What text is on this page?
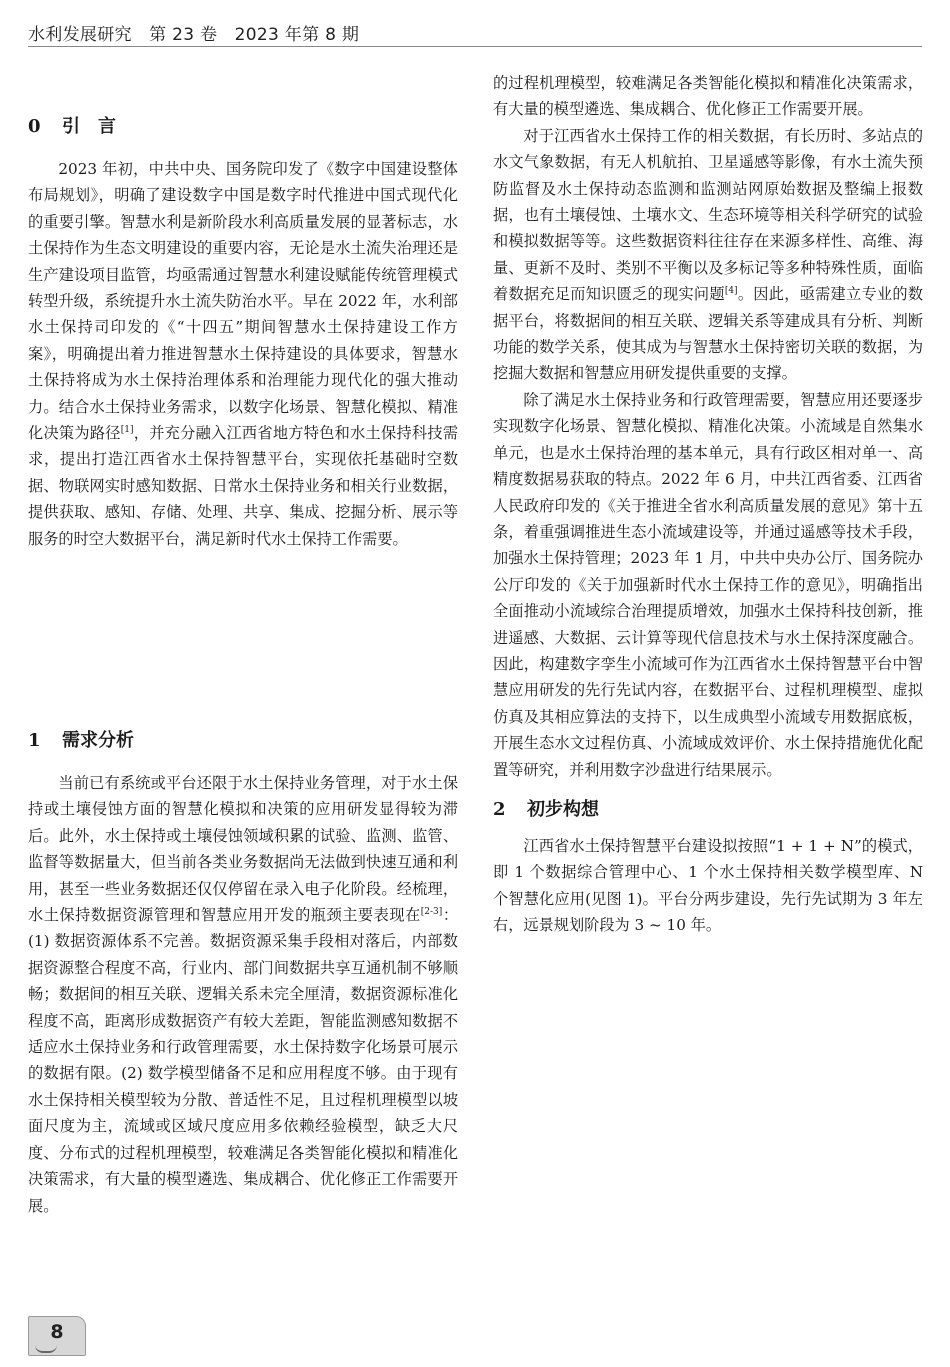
水利发展研究　第 23 卷　2023 年第 8 期
0 引　言

2023 年初，中共中央、国务院印发了《数字中国建设整体布局规划》，明确了建设数字中国是数字时代推进中国式现代化的重要引擎。智慧水利是新阶段水利高质量发展的显著标志，水土保持作为生态文明建设的重要内容，无论是水土流失治理还是生产建设项目监管，均亟需通过智慧水利建设赋能传统管理模式转型升级，系统提升水土流失防治水平。早在 2022 年，水利部水土保持司印发的《“十四五”期间智慧水土保持建设工作方案》，明确提出着力推进智慧水土保持建设的具体要求，智慧水土保持将成为水土保持治理体系和治理能力现代化的强大推动力。结合水土保持业务需求，以数字化场景、智慧化模拟、精准化决策为路径[1]，并充分融入江西省地方特色和水土保持科技需求，提出打造江西省水土保持智慧平台，实现依托基础时空数据、物联网实时感知数据、日常水土保持业务和相关行业数据，提供获取、感知、存储、处理、共享、集成、挖掘分析、展示等服务的时空大数据平台，满足新时代水土保持工作需要。

1 需求分析

当前已有系统或平台还限于水土保持业务管理，对于水土保持或土壤侵蚀方面的智慧化模拟和决策的应用研发显得较为滞后。此外，水土保持或土壤侵蚀领域积累的试验、监测、监管、监督等数据量大，但当前各类业务数据尚无法做到快速互通和利用，甚至一些业务数据还仅仅停留在录入电子化阶段。经梳理，水土保持数据资源管理和智慧应用开发的瓶颈主要表现在[2-3]：(1) 数据资源体系不完善。数据资源采集手段相对落后，内部数据资源整合程度不高，行业内、部门间数据共享互通机制不够顺畅；数据间的相互关联、逻辑关系未完全厘清，数据资源标准化程度不高，距离形成数据资产有较大差距，智能监测感知数据不适应水土保持业务和行政管理需要，水土保持数字化场景可展示的数据有限。(2) 数学模型储备不足和应用程度不够。由于现有水土保持相关模型较为分散、普适性不足，且过程机理模型以坡面尺度为主，流域或区域尺度应用多依赖经验模型，缺乏大尺度、分布式的过程机理模型，较难满足各类智能化模拟和精准化决策需求，有大量的模型遴选、集成耦合、优化修正工作需要开展。

的过程机理模型，较难满足各类智能化模拟和精准化决策需求，有大量的模型遴选、集成耦合、优化修正工作需要开展。

对于江西省水土保持工作的相关数据，有长历时、多站点的水文气象数据，有无人机航拍、卫星遥感等影像，有水土流失预防监督及水土保持动态监测和监测站网原始数据及整编上报数据，也有土壤侵蚀、土壤水文、生态环境等相关科学研究的试验和模拟数据等等。这些数据资料往往存在来源多样性、高维、海量、更新不及时、类别不平衡以及多标记等多种特殊性质，面临着数据充足而知识匮乏的现实问题[4]。因此，亟需建立专业的数据平台，将数据间的相互关联、逻辑关系等建成具有分析、判断功能的数学关系，使其成为与智慧水土保持密切关联的数据，为挖掘大数据和智慧应用研发提供重要的支撑。

除了满足水土保持业务和行政管理需要，智慧应用还要逐步实现数字化场景、智慧化模拟、精准化决策。小流域是自然集水单元，也是水土保持治理的基本单元，具有行政区相对单一、高精度数据易获取的特点。2022 年 6 月，中共江西省委、江西省人民政府印发的《关于推进全省水利高质量发展的意见》第十五条，着重强调推进生态小流域建设等，并通过遥感等技术手段，加强水土保持管理；2023 年 1 月，中共中央办公厅、国务院办公厅印发的《关于加强新时代水土保持工作的意见》，明确指出全面推动小流域综合治理提质增效，加强水土保持科技创新，推进遥感、大数据、云计算等现代信息技术与水土保持深度融合。因此，构建数字孪生小流域可作为江西省水土保持智慧平台中智慧应用研发的先行先试内容，在数据平台、过程机理模型、虚拟仿真及其相应算法的支持下，以生成典型小流域专用数据底板，开展生态水文过程仿真、小流域成效评价、水土保持措施优化配置等研究，并利用数字沙盘进行结果展示。

2 初步构想

江西省水土保持智慧平台建设拟按照“1 + 1 + N”的模式，即 1 个数据综合管理中心、1 个水土保持相关数学模型库、N 个智慧化应用(见图 1)。平台分两步建设，先行先试期为 3 年左右，远景规划阶段为 3 ~ 10 年。

8
